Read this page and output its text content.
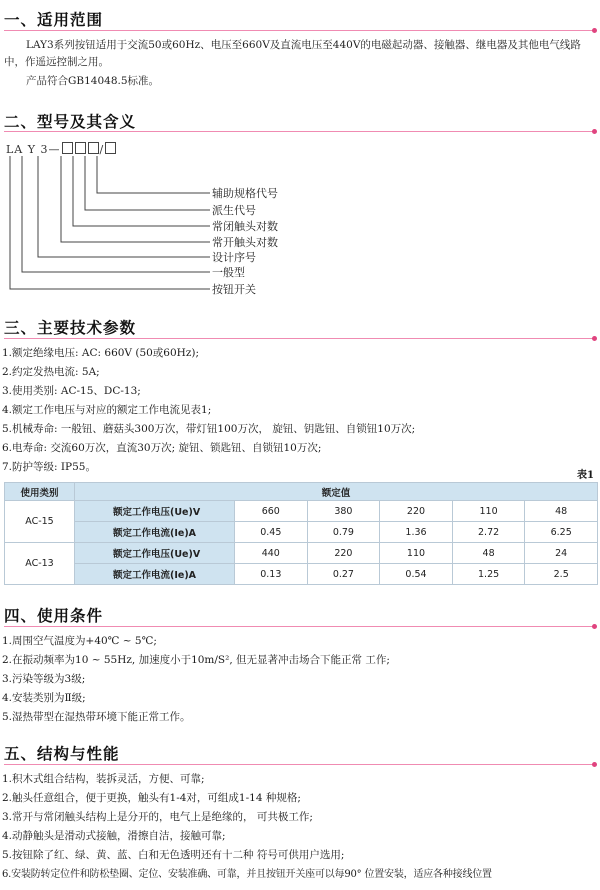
一、适用范围
LAY3系列按钮适用于交流50或60Hz、电压至660V及直流电压至440V的电磁起动器、接触器、继电器及其他电气线路中，作遥远控制之用。
产品符合GB14048.5标准。
二、型号及其含义
LA Y 3—	/
辅助规格代号
派生代号
常闭触头对数
常开触头对数
设计序号
一般型
按钮开关
三、主要技术参数
1.额定绝缘电压: AC: 660V (50或60Hz);
2.约定发热电流: 5A;
3.使用类别: AC-15、DC-13;
4.额定工作电压与对应的额定工作电流见表1;
5.机械寿命: 一般钮、蘑菇头300万次，带灯钮100万次， 旋钮、钥匙钮、自锁钮10万次;
6.电寿命: 交流60万次，直流30万次; 旋钮、锁匙钮、自锁钮10万次;
7.防护等级: IP55。
表1
使用类别	额定值					
AC-15	额定工作电压(Ue)V	660	380	220	110	48
	额定工作电流(Ie)A	0.45	0.79	1.36	2.72	6.25
AC-13	额定工作电压(Ue)V	440	220	110	48	24
	额定工作电流(Ie)A	0.13	0.27	0.54	1.25	2.5
四、使用条件
1.周围空气温度为+40℃ ~ 5℃;
2.在振动频率为10 ~ 55Hz, 加速度小于10m/S², 但无显著冲击场合下能正常 工作;
3.污染等级为3级;
4.安装类别为Ⅱ级;
5.湿热带型在湿热带环境下能正常工作。
五、结构与性能
1.积木式组合结构，装拆灵活，方便、可靠;
2.触头任意组合，便于更换，触头有1-4对，可组成1-14 种规格;
3.常开与常闭触头结构上是分开的，电气上是绝缘的， 可共极工作;
4.动静触头是滑动式接触，滑擦自洁，接触可靠;
5.按钮除了红、绿、黄、蓝、白和无色透明还有十二种 符号可供用户选用;
6.安装防转定位件和防松垫圈、定位、安装准确、可靠，并且按钮开关座可以每90° 位置安装，适应各种接线位置
